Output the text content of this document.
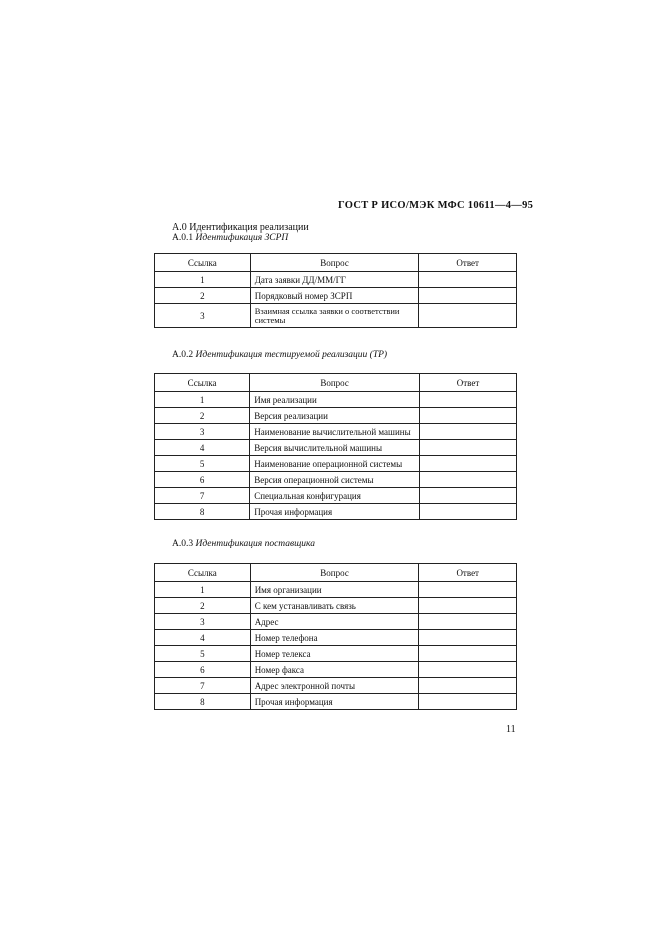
ГОСТ Р ИСО/МЭК МФС 10611—4—95
А.0 Идентификация реализации
A.0.1 Идентификация ЗСРП
Ссылка	Вопрос	Ответ
1	Дата заявки ДД/ММ/ГГ	
2	Порядковый номер ЗСРП	
3	Взаимная ссылка заявки о соответствии системы	
A.0.2 Идентификация тестируемой реализации (ТР)
Ссылка	Вопрос	Ответ
1	Имя реализации	
2	Версия реализации	
3	Наименование вычислительной машины	
4	Версия вычислительной машины	
5	Наименование операционной системы	
6	Версия операционной системы	
7	Специальная конфигурация	
8	Прочая информация	
A.0.3 Идентификация поставщика
Ссылка	Вопрос	Ответ
1	Имя организации	
2	С кем устанавливать связь	
3	Адрес	
4	Номер телефона	
5	Номер телекса	
6	Номер факса	
7	Адрес электронной почты	
8	Прочая информация	
11
